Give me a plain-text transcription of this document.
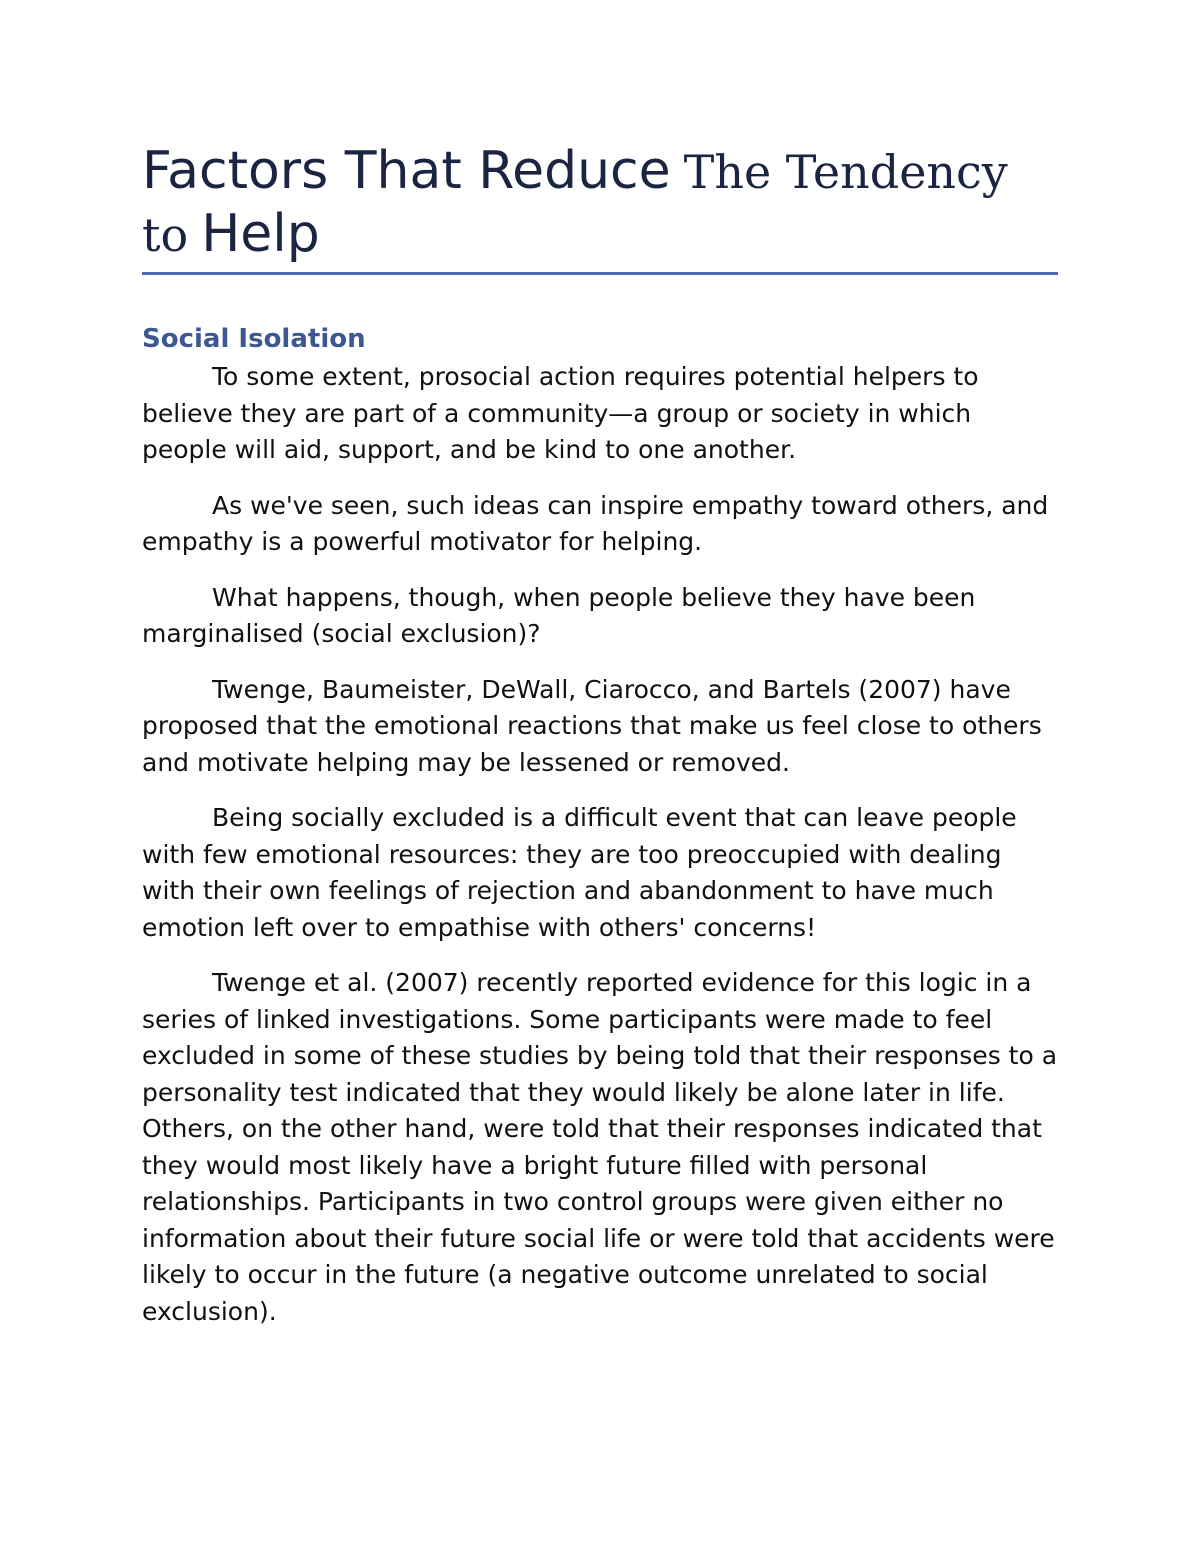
Factors That Reduce The Tendency
to Help
Social Isolation

To some extent, prosocial action requires potential helpers to believe they are part of a community—a group or society in which people will aid, support, and be kind to one another.

As we've seen, such ideas can inspire empathy toward others, and empathy is a powerful motivator for helping.

What happens, though, when people believe they have been marginalised (social exclusion)?

Twenge, Baumeister, DeWall, Ciarocco, and Bartels (2007) have proposed that the emotional reactions that make us feel close to others and motivate helping may be lessened or removed.

Being socially excluded is a difficult event that can leave people with few emotional resources: they are too preoccupied with dealing with their own feelings of rejection and abandonment to have much emotion left over to empathise with others' concerns!

Twenge et al. (2007) recently reported evidence for this logic in a series of linked investigations. Some participants were made to feel excluded in some of these studies by being told that their responses to a personality test indicated that they would likely be alone later in life. Others, on the other hand, were told that their responses indicated that they would most likely have a bright future filled with personal relationships. Participants in two control groups were given either no information about their future social life or were told that accidents were likely to occur in the future (a negative outcome unrelated to social exclusion).
